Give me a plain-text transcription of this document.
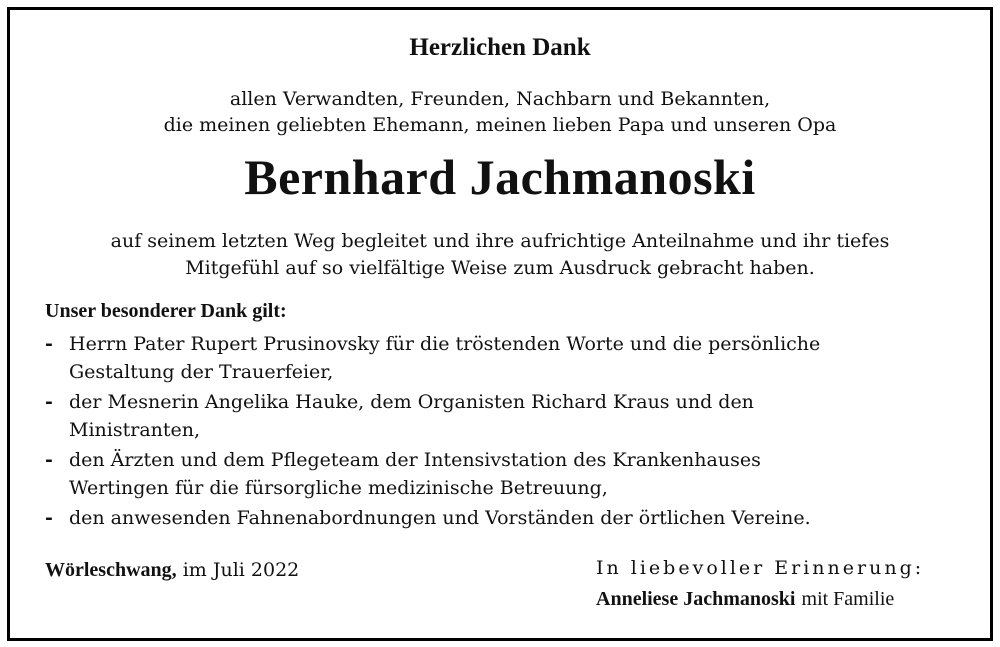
Herzlichen Dank
allen Verwandten, Freunden, Nachbarn und Bekannten,
die meinen geliebten Ehemann, meinen lieben Papa und unseren Opa
Bernhard Jachmanoski
auf seinem letzten Weg begleitet und ihre aufrichtige Anteilnahme und ihr tiefes
Mitgefühl auf so vielfältige Weise zum Ausdruck gebracht haben.
Unser besonderer Dank gilt:
- Herrn Pater Rupert Prusinovsky für die tröstenden Worte und die persönliche
Gestaltung der Trauerfeier,
- der Mesnerin Angelika Hauke, dem Organisten Richard Kraus und den
Ministranten,
- den Ärzten und dem Pflegeteam der Intensivstation des Krankenhauses
Wertingen für die fürsorgliche medizinische Betreuung,
- den anwesenden Fahnenabordnungen und Vorständen der örtlichen Vereine.
Wörleschwang, im Juli 2022	In liebevoller Erinnerung:
Anneliese Jachmanoski mit Familie
